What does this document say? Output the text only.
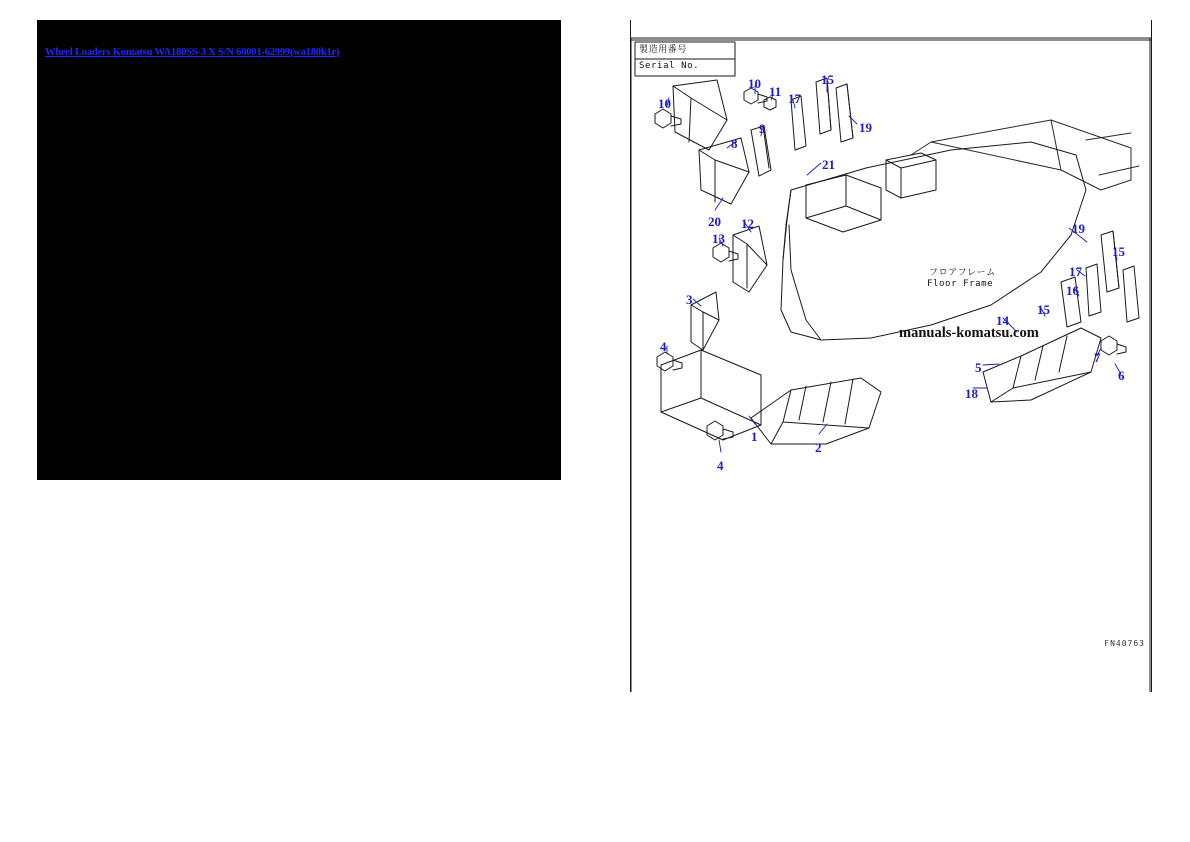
Wheel Loaders Komatsu WA180SS-3 X S/N 60001-62999(wa180k1r)	製造用番号
Serial No.
フロアフレーム
Floor Frame
manuals-komatsu.com
FN40763
10
10
11 17
15
19
9
8
21
20 12
13
19
15
17
16
3
15
14
4
7
6
5
18
1
2
4
